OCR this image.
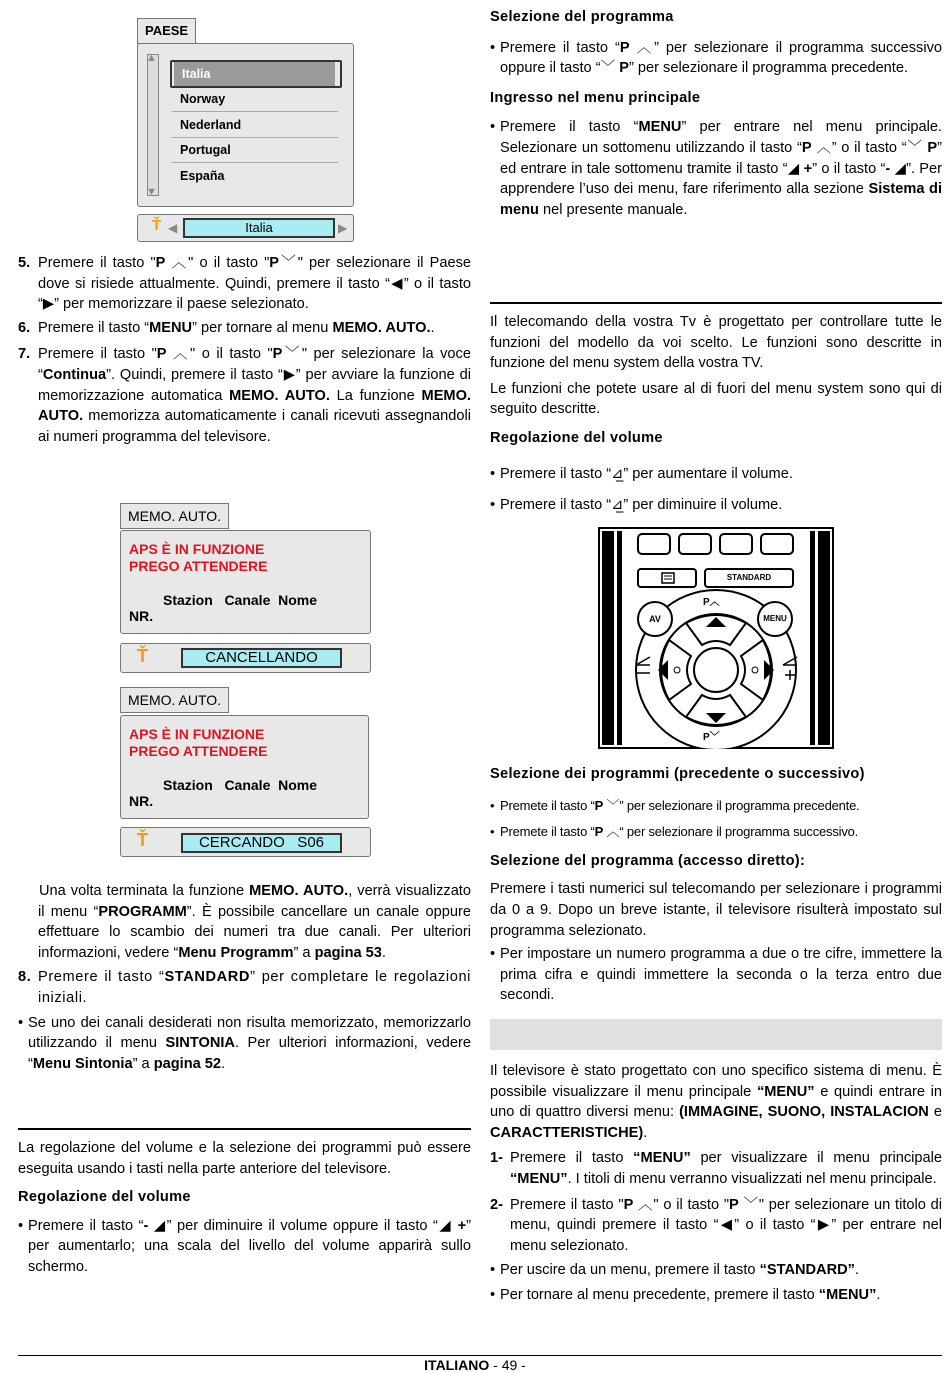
PAESE
▲
▼
Italia
Norway
Nederland
Portugal
España
Ť ◀	Italia	▶

5. Premere il tasto "P ︿" o il tasto "P﹀" per selezionare il Paese dove si risiede attualmente. Quindi, premere il tasto “◀” o il tasto “▶” per memorizzare il paese selezionato.

6. Premere il tasto “MENU” per tornare al menu MEMO. AUTO..

7. Premere il tasto "P ︿" o il tasto "P﹀" per selezionare la voce “Continua”. Quindi, premere il tasto “▶” per avviare la funzione di memorizzazione automatica MEMO. AUTO. La funzione MEMO. AUTO. memorizza automaticamente i canali ricevuti assegnandoli ai numeri programma del televisore.

MEMO. AUTO.
APS È IN FUNZIONE
PREGO ATTENDERE
Stazion   Canale  Nome
NR.
Ť	CANCELLANDO
MEMO. AUTO.
APS È IN FUNZIONE
PREGO ATTENDERE
Stazion   Canale  Nome
NR.
Ť	CERCANDO   S06

Una volta terminata la funzione MEMO. AUTO., verrà visualizzato il menu “PROGRAMM”. È possibile cancellare un canale oppure effettuare lo scambio dei numeri tra due canali. Per ulteriori informazioni, vedere “Menu Programm” a pagina 53.

8. Premere il tasto “STANDARD” per completare le regolazioni iniziali.

• Se uno dei canali desiderati non risulta memorizzato, memorizzarlo utilizzando il menu SINTONIA. Per ulteriori informazioni, vedere “Menu Sintonia” a pagina 52.

La regolazione del volume e la selezione dei programmi può essere eseguita usando i tasti nella parte anteriore del televisore.

Regolazione del volume

• Premere il tasto “- ◢” per diminuire il volume oppure il tasto “◢ +” per aumentarlo; una scala del livello del volume apparirà sullo schermo.

Selezione del programma

• Premere il tasto “P ︿” per selezionare il programma successivo oppure il tasto “﹀ P” per selezionare il programma precedente.

Ingresso nel menu principale

• Premere il tasto “MENU” per entrare nel menu principale. Selezionare un sottomenu utilizzando il tasto “P ︿” o il tasto “﹀ P” ed entrare in tale sottomenu tramite il tasto “◢ +” o il tasto “- ◢”. Per apprendere l’uso dei menu, fare riferimento alla sezione Sistema di menu nel presente manuale.

Il telecomando della vostra Tv è progettato per controllare tutte le funzioni del modello da voi scelto. Le funzioni sono descritte in funzione del menu system della vostra TV.

Le funzioni che potete usare al di fuori del menu system sono qui di seguito descritte.

Regolazione del volume

• Premere il tasto “⊿̲” per aumentare il volume.

• Premere il tasto “⊿̲” per diminuire il volume.

STANDARD
AV	MENU
P︿
P﹀

Selezione dei programmi (precedente o successivo)

• Premete il tasto “P ﹀” per selezionare il programma precedente.

• Premete il tasto “P ︿“ per selezionare il programma successivo.

Selezione del programma (accesso diretto):

Premere i tasti numerici sul telecomando per selezionare i programmi da 0 a 9. Dopo un breve istante, il televisore risulterà impostato sul programma selezionato.

• Per impostare un numero programma a due o tre cifre, immettere la prima cifra e quindi immettere la seconda o la terza entro due secondi.

Il televisore è stato progettato con uno specifico sistema di menu. È possibile visualizzare il menu principale “MENU” e quindi entrare in uno di quattro diversi menu: (IMMAGINE, SUONO, INSTALACION e CARACTTERISTICHE).

1- Premere il tasto “MENU” per visualizzare il menu principale “MENU”. I titoli di menu verranno visualizzati nel menu principale.

2- Premere il tasto "P ︿" o il tasto "P ﹀" per selezionare un titolo di menu, quindi premere il tasto “◀” o il tasto “▶” per entrare nel menu selezionato.

• Per uscire da un menu, premere il tasto “STANDARD”.

• Per tornare al menu precedente, premere il tasto “MENU”.

ITALIANO - 49 -
